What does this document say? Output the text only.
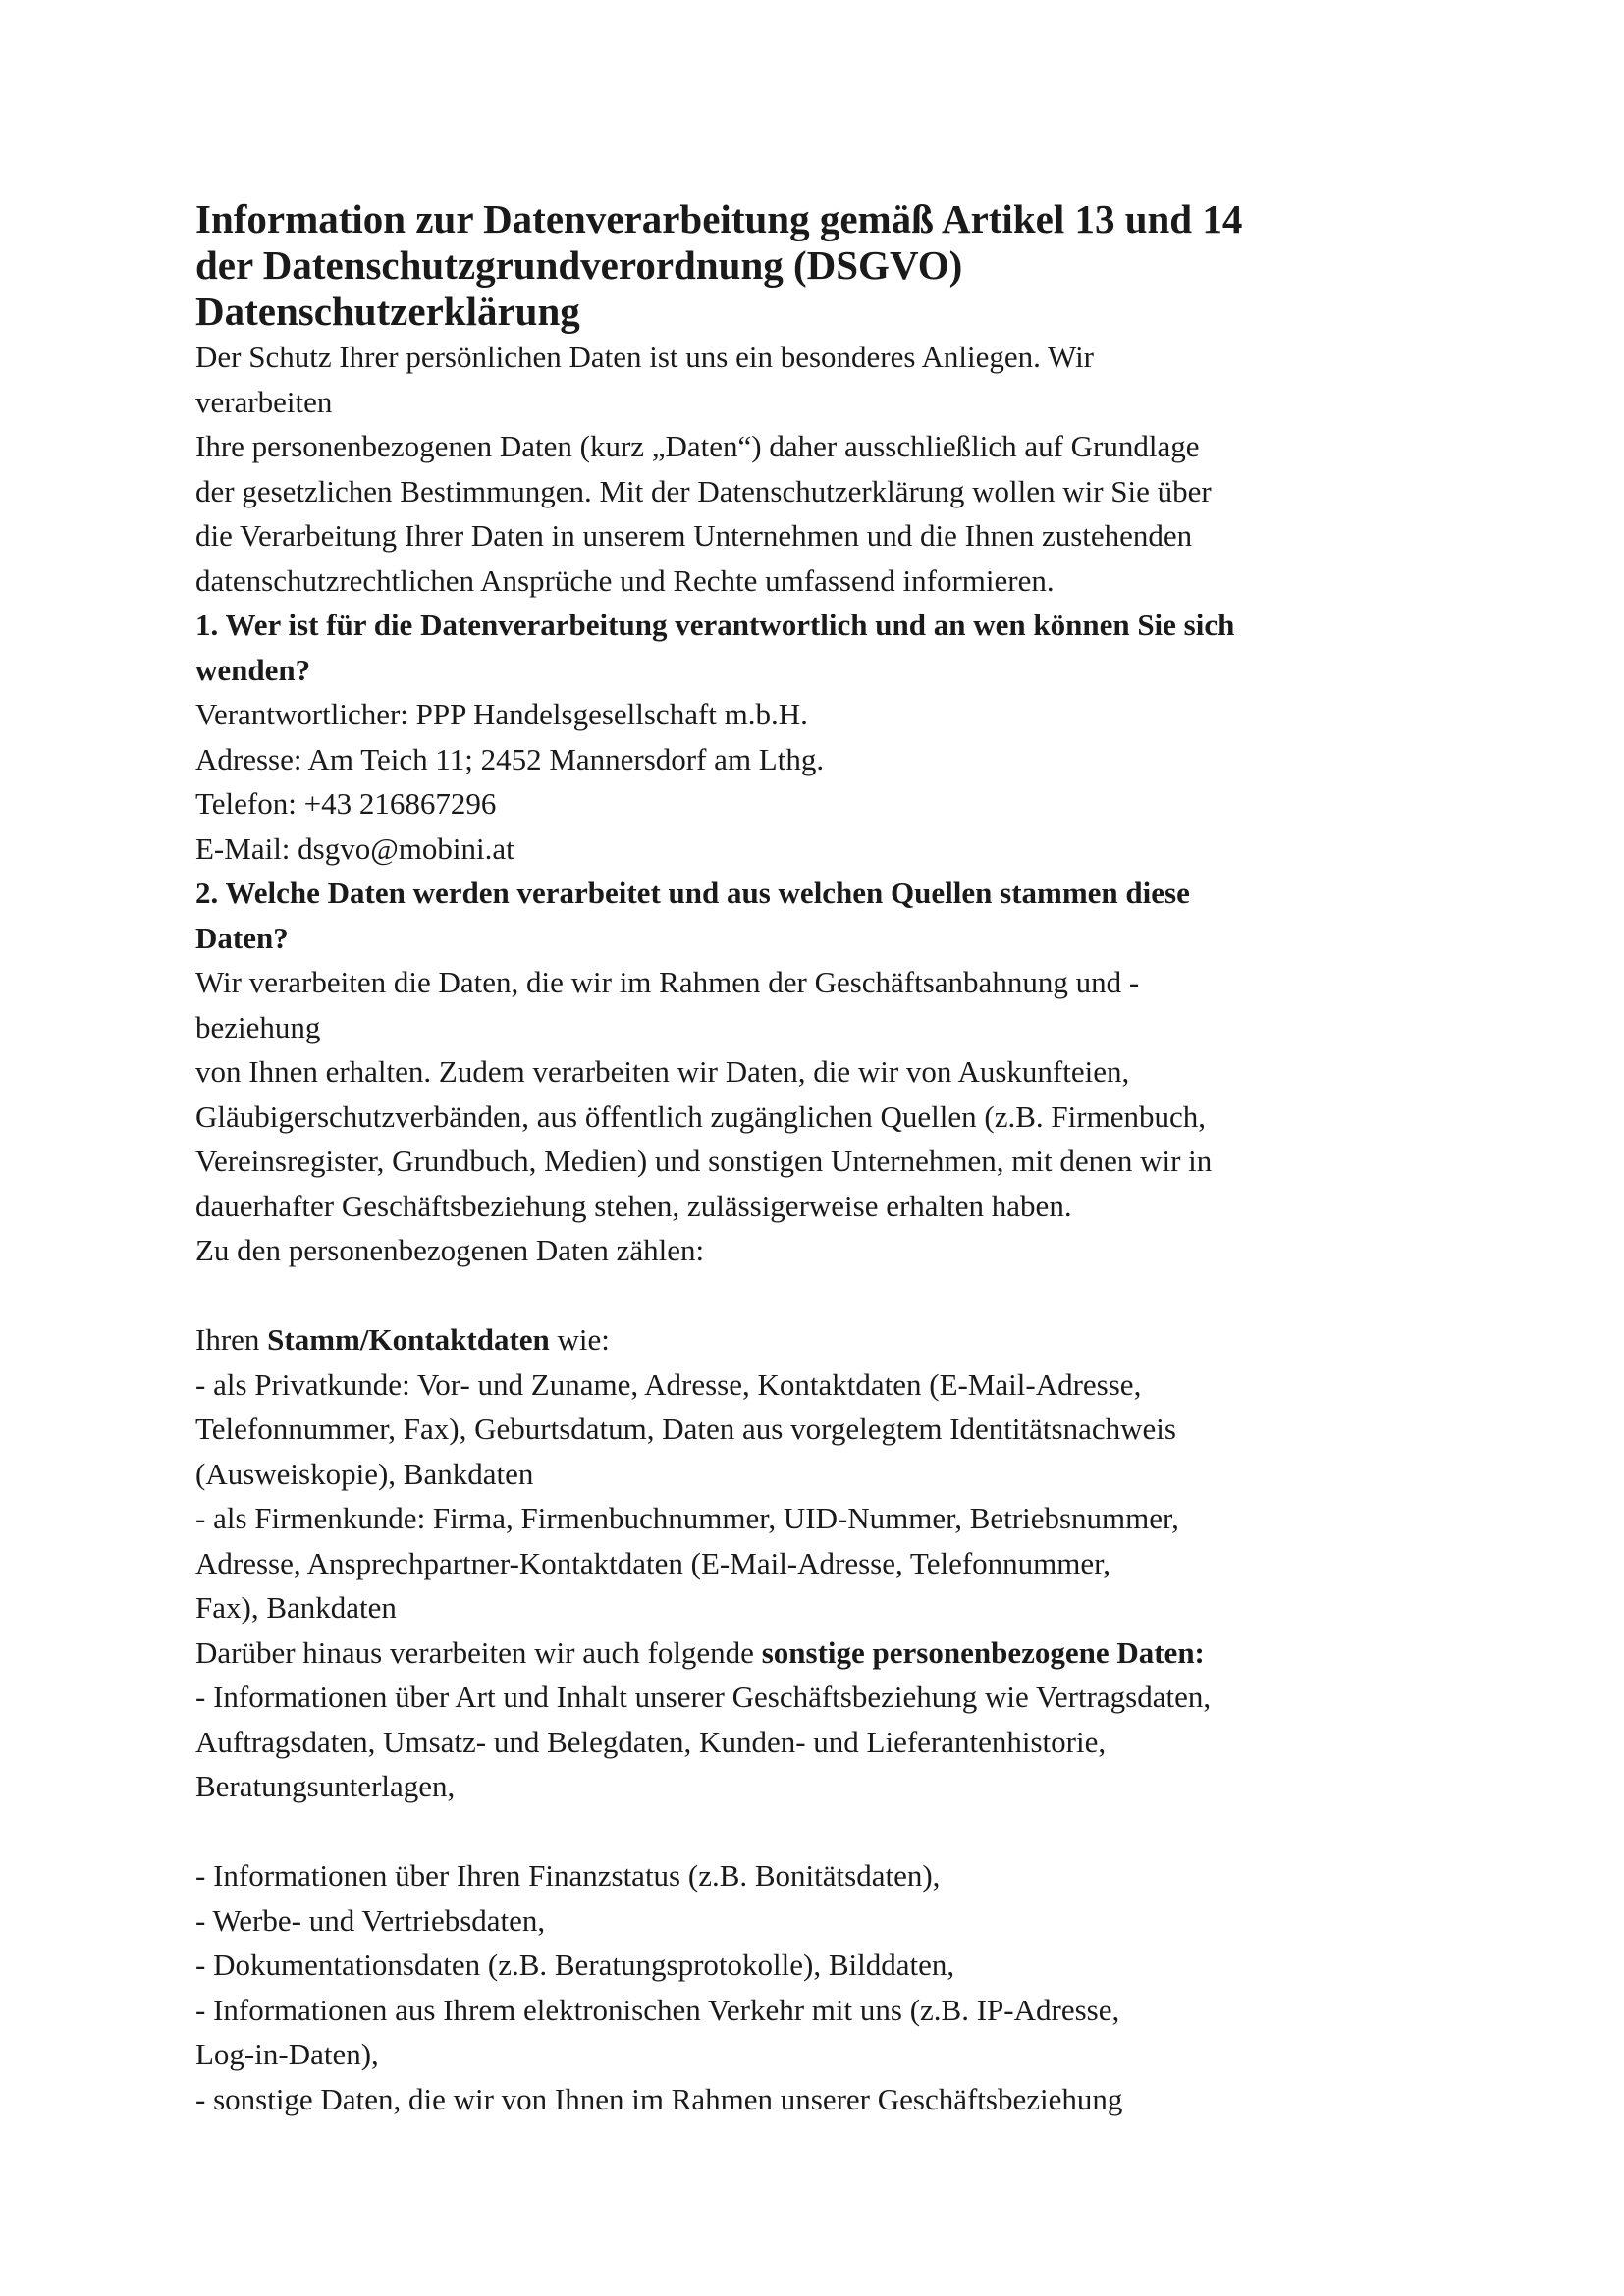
Information zur Datenverarbeitung gemäß Artikel 13 und 14
der Datenschutzgrundverordnung (DSGVO)
Datenschutzerklärung
Der Schutz Ihrer persönlichen Daten ist uns ein besonderes Anliegen. Wir
verarbeiten
Ihre personenbezogenen Daten (kurz „Daten“) daher ausschließlich auf Grundlage
der gesetzlichen Bestimmungen. Mit der Datenschutzerklärung wollen wir Sie über
die Verarbeitung Ihrer Daten in unserem Unternehmen und die Ihnen zustehenden
datenschutzrechtlichen Ansprüche und Rechte umfassend informieren.
1. Wer ist für die Datenverarbeitung verantwortlich und an wen können Sie sich
wenden?
Verantwortlicher: PPP Handelsgesellschaft m.b.H.
Adresse: Am Teich 11; 2452 Mannersdorf am Lthg.
Telefon: +43 216867296
E-Mail: dsgvo@mobini.at
2. Welche Daten werden verarbeitet und aus welchen Quellen stammen diese
Daten?
Wir verarbeiten die Daten, die wir im Rahmen der Geschäftsanbahnung und -
beziehung
von Ihnen erhalten. Zudem verarbeiten wir Daten, die wir von Auskunfteien,
Gläubigerschutzverbänden, aus öffentlich zugänglichen Quellen (z.B. Firmenbuch,
Vereinsregister, Grundbuch, Medien) und sonstigen Unternehmen, mit denen wir in
dauerhafter Geschäftsbeziehung stehen, zulässigerweise erhalten haben.
Zu den personenbezogenen Daten zählen:
Ihren Stamm/Kontaktdaten wie:
- als Privatkunde: Vor- und Zuname, Adresse, Kontaktdaten (E-Mail-Adresse,
Telefonnummer, Fax), Geburtsdatum, Daten aus vorgelegtem Identitätsnachweis
(Ausweiskopie), Bankdaten
- als Firmenkunde: Firma, Firmenbuchnummer, UID-Nummer, Betriebsnummer,
Adresse, Ansprechpartner-Kontaktdaten (E-Mail-Adresse, Telefonnummer,
Fax), Bankdaten
Darüber hinaus verarbeiten wir auch folgende sonstige personenbezogene Daten:
- Informationen über Art und Inhalt unserer Geschäftsbeziehung wie Vertragsdaten,
Auftragsdaten, Umsatz- und Belegdaten, Kunden- und Lieferantenhistorie,
Beratungsunterlagen,
- Informationen über Ihren Finanzstatus (z.B. Bonitätsdaten),
- Werbe- und Vertriebsdaten,
- Dokumentationsdaten (z.B. Beratungsprotokolle), Bilddaten,
- Informationen aus Ihrem elektronischen Verkehr mit uns (z.B. IP-Adresse,
Log-in-Daten),
- sonstige Daten, die wir von Ihnen im Rahmen unserer Geschäftsbeziehung
